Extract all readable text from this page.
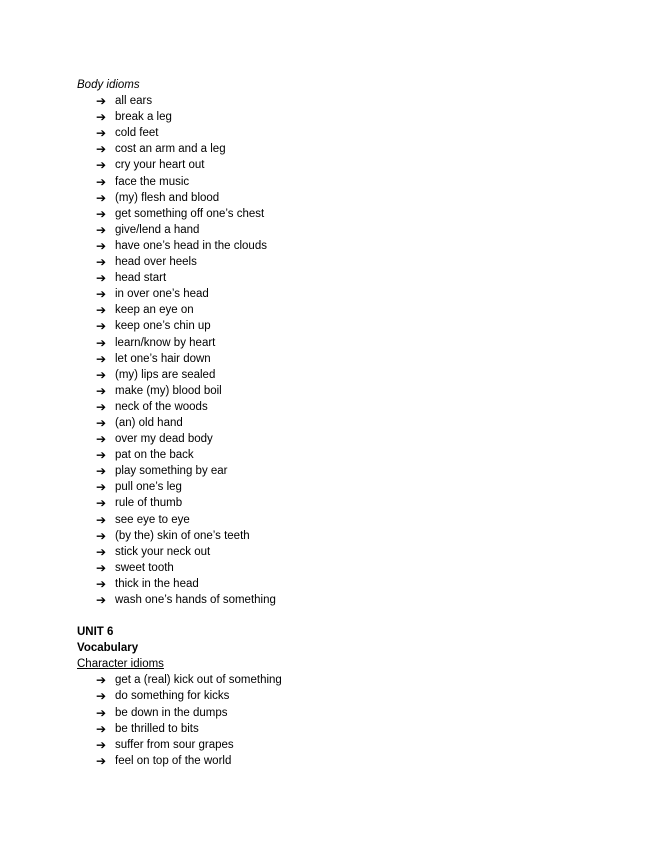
Body idioms

➔ all ears
➔ break a leg
➔ cold feet
➔ cost an arm and a leg
➔ cry your heart out
➔ face the music
➔ (my) flesh and blood
➔ get something off one’s chest
➔ give/lend a hand
➔ have one’s head in the clouds
➔ head over heels
➔ head start
➔ in over one’s head
➔ keep an eye on
➔ keep one’s chin up
➔ learn/know by heart
➔ let one’s hair down
➔ (my) lips are sealed
➔ make (my) blood boil
➔ neck of the woods
➔ (an) old hand
➔ over my dead body
➔ pat on the back
➔ play something by ear
➔ pull one’s leg
➔ rule of thumb
➔ see eye to eye
➔ (by the) skin of one’s teeth
➔ stick your neck out
➔ sweet tooth
➔ thick in the head
➔ wash one’s hands of something

UNIT 6

Vocabulary

Character idioms

➔ get a (real) kick out of something
➔ do something for kicks
➔ be down in the dumps
➔ be thrilled to bits
➔ suffer from sour grapes
➔ feel on top of the world
